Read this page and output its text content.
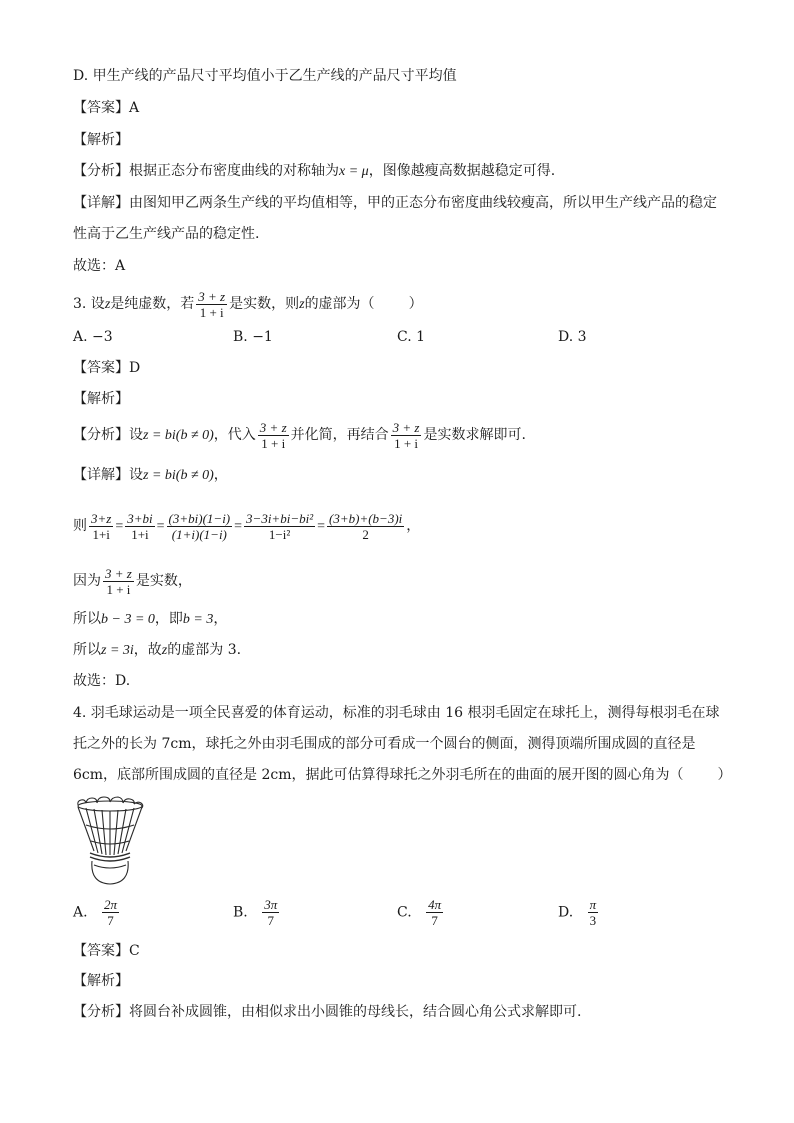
D. 甲生产线的产品尺寸平均值小于乙生产线的产品尺寸平均值
【答案】A
【解析】
【分析】根据正态分布密度曲线的对称轴为x = μ，图像越瘦高数据越稳定可得.
【详解】由图知甲乙两条生产线的平均值相等，甲的正态分布密度曲线较瘦高，所以甲生产线产品的稳定
性高于乙生产线产品的稳定性.
故选：A
3. 设z是纯虚数，若 $\frac{3 + z}{1 + i}$ 是实数，则z的虚部为（ ）
A. −3	B. −1	C. 1	D. 3
【答案】D
【解析】
【分析】设z = bi(b ≠ 0)，代入 $\frac{3 + z}{1 + i}$ 并化简，再结合 $\frac{3 + z}{1 + i}$ 是实数求解即可.
【详解】设z = bi(b ≠ 0)，
则 $\frac{3+z}{1+i} = \frac{3+bi}{1+i} = \frac{(3+bi)(1-i)}{(1+i)(1-i)} = \frac{\text{3−3i+bi−bi²}}{\text{1−i²}} = \frac{(3+b)+(b-3)i}{2}$ ，
因为 $\frac{3 + z}{1 + i}$ 是实数，
所以b − 3 = 0，即b = 3，
所以z = 3i，故z的虚部为 3.
故选：D.
4. 羽毛球运动是一项全民喜爱的体育运动，标准的羽毛球由 16 根羽毛固定在球托上，测得每根羽毛在球
托之外的长为 7cm，球托之外由羽毛围成的部分可看成一个圆台的侧面，测得顶端所围成圆的直径是
6cm，底部所围成圆的直径是 2cm，据此可估算得球托之外羽毛所在的曲面的展开图的圆心角为（ ）
A. $\frac{2\pi}{7}$	B. $\frac{3\pi}{7}$	C. $\frac{4\pi}{7}$	D. $\frac{\pi}{3}$
【答案】C
【解析】
【分析】将圆台补成圆锥，由相似求出小圆锥的母线长，结合圆心角公式求解即可.
